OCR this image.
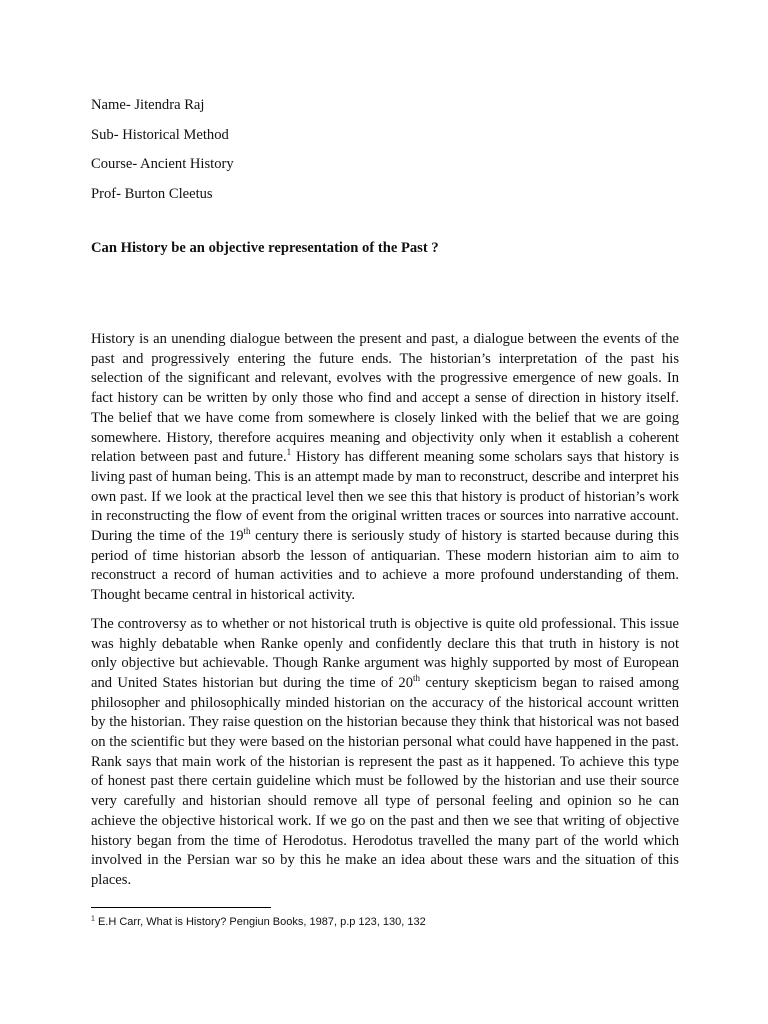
Name- Jitendra Raj
Sub- Historical Method
Course- Ancient History
Prof- Burton Cleetus
Can History be an objective representation of the Past ?

History is an unending dialogue between the present and past, a dialogue between the events of the past and progressively entering the future ends. The historian’s interpretation of the past his selection of the significant and relevant, evolves with the progressive emergence of new goals. In fact history can be written by only those who find and accept a sense of direction in history itself. The belief that we have come from somewhere is closely linked with the belief that we are going somewhere. History, therefore acquires meaning and objectivity only when it establish a coherent relation between past and future.$^1$ History has different meaning some scholars says that history is living past of human being. This is an attempt made by man to reconstruct, describe and interpret his own past. If we look at the practical level then we see this that history is product of historian’s work in reconstructing the flow of event from the original written traces or sources into narrative account. During the time of the 19th century there is seriously study of history is started because during this period of time historian absorb the lesson of antiquarian. These modern historian aim to aim to reconstruct a record of human activities and to achieve a more profound understanding of them. Thought became central in historical activity.

The controversy as to whether or not historical truth is objective is quite old professional. This issue was highly debatable when Ranke openly and confidently declare this that truth in history is not only objective but achievable. Though Ranke argument was highly supported by most of European and United States historian but during the time of 20th century skepticism began to raised among philosopher and philosophically minded historian on the accuracy of the historical account written by the historian. They raise question on the historian because they think that historical was not based on the scientific but they were based on the historian personal what could have happened in the past. Rank says that main work of the historian is represent the past as it happened. To achieve this type of honest past there certain guideline which must be followed by the historian and use their source very carefully and historian should remove all type of personal feeling and opinion so he can achieve the objective historical work. If we go on the past and then we see that writing of objective history began from the time of Herodotus. Herodotus travelled the many part of the world which involved in the Persian war so by this he make an idea about these wars and the situation of this places.

$^1$ E.H Carr, What is History? Pengiun Books, 1987, p.p 123, 130, 132
